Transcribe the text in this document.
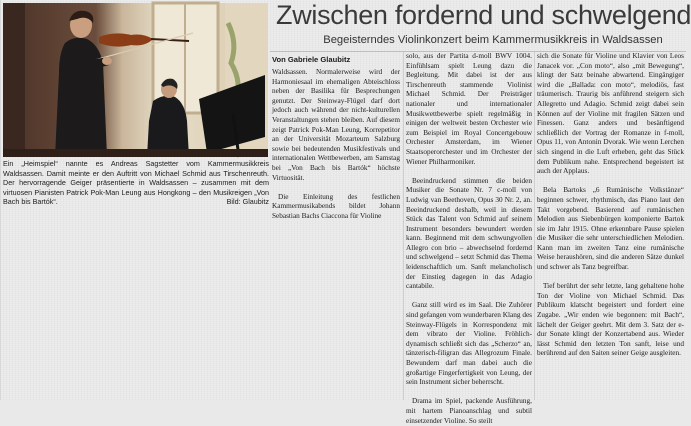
Ein „Heimspiel“ nannte es Andreas Sagstetter vom Kammermusikkreis Waldsassen. Damit meinte er den Auftritt von Michael Schmid aus Tirschenreuth. Der hervorragende Geiger präsentierte in Waldsassen – zusammen mit dem virtuosen Pianisten Patrick Pok-Man Leung aus Hongkong – den Musikreigen „Von Bach bis Bartók“.	Bild: Glaubitz
Zwischen fordernd und schwelgend
Begeisterndes Violinkonzert beim Kammermusikkreis in Waldsassen
Von Gabriele Glaubitz

Waldsassen. Normalerweise wird der Harmoniesaal im ehemaligen Abteischloss neben der Basilika für Besprechungen genutzt. Der Steinway-Flügel darf dort jedoch auch während der nicht-kulturellen Veranstaltungen stehen bleiben. Auf diesem zeigt Patrick Pok-Man Leung, Korrepetitor an der Universität Mozarteum Salzburg sowie bei bedeutenden Musikfestivals und internationalen Wettbewerben, am Samstag bei „Von Bach bis Bartók“ höchste Virtuosität.

Die Einleitung des festlichen Kammermusikabends bildet Johann Sebastian Bachs Ciaccona für Violine

solo, aus der Partita d-moll BWV 1004. Einfühlsam spielt Leung dazu die Begleitung. Mit dabei ist der aus Tirschenreuth stammende Violinist Michael Schmid. Der Preisträger nationaler und internationaler Musikwettbewerbe spielt regelmäßig in einigen der weltweit besten Orchester wie zum Beispiel im Royal Concertgebouw Orchester Amsterdam, im Wiener Staatsoperorchester und im Orchester der Wiener Philharmoniker.

Beeindruckend stimmen die beiden Musiker die Sonate Nr. 7 c-moll von Ludwig van Beethoven, Opus 30 Nr. 2, an. Beeindruckend deshalb, weil in diesem Stück das Talent von Schmid auf seinem Instrument besonders bewundert werden kann. Beginnend mit dem schwungvollen Allegro con brio – abwechselnd fordernd und schwelgend – setzt Schmid das Thema leidenschaftlich um. Sanft melancholisch der Einstieg dagegen in das Adagio cantabile.

Ganz still wird es im Saal. Die Zuhörer sind gefangen vom wunderbaren Klang des Steinway-Flügels in Korrespondenz mit dem vibrato der Violine. Fröhlich-dynamisch schließt sich das „Scherzo“ an, tänzerisch-filigran das Allegrozum Finale. Bewundern darf man dabei auch die großartige Fingerfertigkeit von Leung, der sein Instrument sicher beherrscht.

Drama im Spiel, packende Ausführung, mit hartem Pianoanschlag und subtil einsetzender Violine. So steilt

sich die Sonate für Violine und Klavier von Leos Janacek vor. „Con moto“, also „mit Bewegung“, klingt der Satz beinahe abwartend. Eingängiger wird die „Ballada: con moto“, melodiös, fast träumerisch. Traurig bis anführend steigern sich Allegretto und Adagio. Schmid zeigt dabei sein Können auf der Violine mit fragilen Sätzen und Finessen. Ganz anders und besänftigend schließlich der Vortrag der Romanze in f-moll, Opus 11, von Antonin Dvorak. Wie wenn Lerchen sich singend in die Luft erheben, geht das Stück dem Publikum nahe. Entsprechend begeistert ist auch der Applaus.

Bela Bartoks „6 Rumänische Volkstänze“ beginnen schwer, rhythmisch, das Piano laut den Takt vorgebend. Basierend auf rumänischen Melodien aus Siebenbürgen komponierte Bartok sie im Jahr 1915. Ohne erkennbare Pause spielen die Musiker die sehr unterschiedlichen Melodien. Kann man im zweiten Tanz eine rumänische Weise heraushören, sind die anderen Sätze dunkel und schwer als Tanz begreifbar.

Tief berührt der sehr letzte, lang gehaltene hohe Ton der Violine von Michael Schmid. Das Publikum klatscht begeistert und fordert eine Zugabe. „Wir enden wie begonnen: mit Bach“, lächelt der Geiger geehrt. Mit dem 3. Satz der e-dur Sonate klingt der Konzertabend aus. Wieder lässt Schmid den letzten Ton sanft, leise und berührend auf den Saiten seiner Geige ausgleiten.
